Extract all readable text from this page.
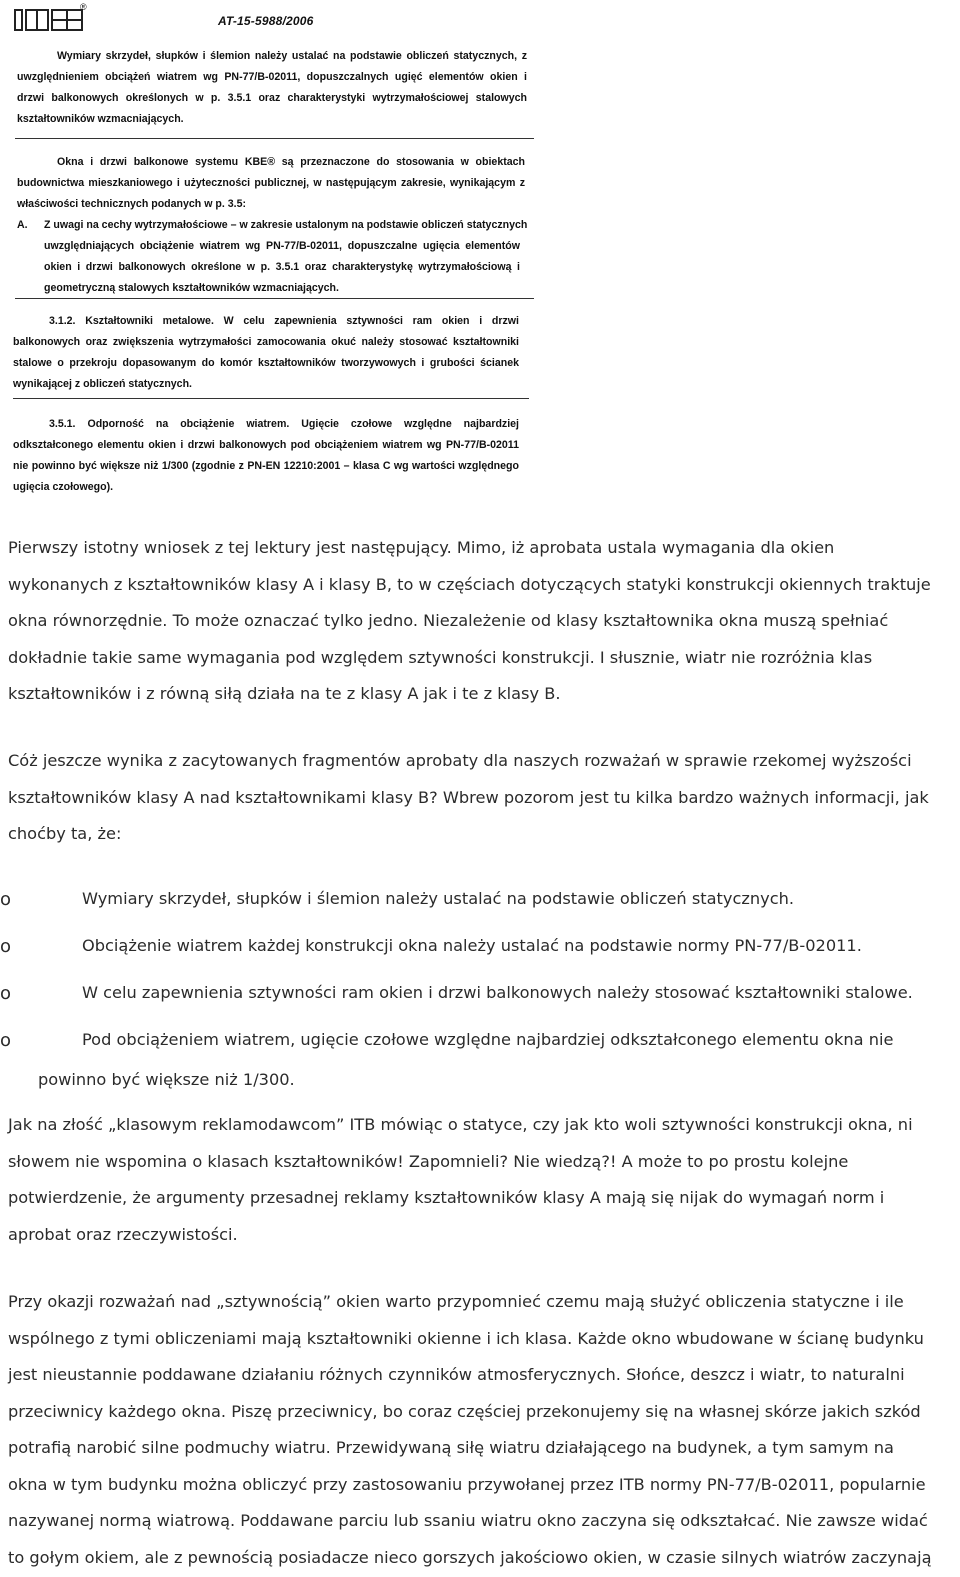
®
AT-15-5988/2006
Wymiary skrzydeł, słupków i ślemion należy ustalać na podstawie obliczeń statycznych, z
uwzględnieniem obciążeń wiatrem wg PN-77/B-02011, dopuszczalnych ugięć elementów okien i
drzwi balkonowych określonych w p. 3.5.1 oraz charakterystyki wytrzymałościowej stalowych
kształtowników wzmacniających.
Okna i drzwi balkonowe systemu KBE® są przeznaczone do stosowania w obiektach
budownictwa mieszkaniowego i użyteczności publicznej, w następującym zakresie, wynikającym z
właściwości technicznych podanych w p. 3.5:
A. Z uwagi na cechy wytrzymałościowe – w zakresie ustalonym na podstawie obliczeń statycznych
uwzględniających obciążenie wiatrem wg PN-77/B-02011, dopuszczalne ugięcia elementów
okien i drzwi balkonowych określone w p. 3.5.1 oraz charakterystykę wytrzymałościową i
geometryczną stalowych kształtowników wzmacniających.
3.1.2. Kształtowniki metalowe. W celu zapewnienia sztywności ram okien i drzwi
balkonowych oraz zwiększenia wytrzymałości zamocowania okuć należy stosować kształtowniki
stalowe o przekroju dopasowanym do komór kształtowników tworzywowych i grubości ścianek
wynikającej z obliczeń statycznych.
3.5.1. Odporność na obciążenie wiatrem. Ugięcie czołowe względne najbardziej
odkształconego elementu okien i drzwi balkonowych pod obciążeniem wiatrem wg PN-77/B-02011
nie powinno być większe niż 1/300 (zgodnie z PN-EN 12210:2001 – klasa C wg wartości względnego
ugięcia czołowego).

Pierwszy istotny wniosek z tej lektury jest następujący. Mimo, iż aprobata ustala wymagania dla okien
wykonanych z kształtowników klasy A i klasy B, to w częściach dotyczących statyki konstrukcji okiennych traktuje
okna równorzędnie. To może oznaczać tylko jedno. Niezależenie od klasy kształtownika okna muszą spełniać
dokładnie takie same wymagania pod względem sztywności konstrukcji. I słusznie, wiatr nie rozróżnia klas
kształtowników i z równą siłą działa na te z klasy A jak i te z klasy B.

Cóż jeszcze wynika z zacytowanych fragmentów aprobaty dla naszych rozważań w sprawie rzekomej wyższości
kształtowników klasy A nad kształtownikami klasy B? Wbrew pozorom jest tu kilka bardzo ważnych informacji, jak
choćby ta, że:

o	Wymiary skrzydeł, słupków i ślemion należy ustalać na podstawie obliczeń statycznych.
o	Obciążenie wiatrem każdej konstrukcji okna należy ustalać na podstawie normy PN-77/B-02011.
o	W celu zapewnienia sztywności ram okien i drzwi balkonowych należy stosować kształtowniki stalowe.
o	Pod obciążeniem wiatrem, ugięcie czołowe względne najbardziej odkształconego elementu okna nie
powinno być większe niż 1/300.

Jak na złość „klasowym reklamodawcom” ITB mówiąc o statyce, czy jak kto woli sztywności konstrukcji okna, ni
słowem nie wspomina o klasach kształtowników! Zapomnieli? Nie wiedzą?! A może to po prostu kolejne
potwierdzenie, że argumenty przesadnej reklamy kształtowników klasy A mają się nijak do wymagań norm i
aprobat oraz rzeczywistości.

Przy okazji rozważań nad „sztywnością” okien warto przypomnieć czemu mają służyć obliczenia statyczne i ile
wspólnego z tymi obliczeniami mają kształtowniki okienne i ich klasa. Każde okno wbudowane w ścianę budynku
jest nieustannie poddawane działaniu różnych czynników atmosferycznych. Słońce, deszcz i wiatr, to naturalni
przeciwnicy każdego okna. Piszę przeciwnicy, bo coraz częściej przekonujemy się na własnej skórze jakich szkód
potrafią narobić silne podmuchy wiatru. Przewidywaną siłę wiatru działającego na budynek, a tym samym na
okna w tym budynku można obliczyć przy zastosowaniu przywołanej przez ITB normy PN-77/B-02011, popularnie
nazywanej normą wiatrową. Poddawane parciu lub ssaniu wiatru okno zaczyna się odkształcać. Nie zawsze widać
to gołym okiem, ale z pewnością posiadacze nieco gorszych jakościowo okien, w czasie silnych wiatrów zaczynają
